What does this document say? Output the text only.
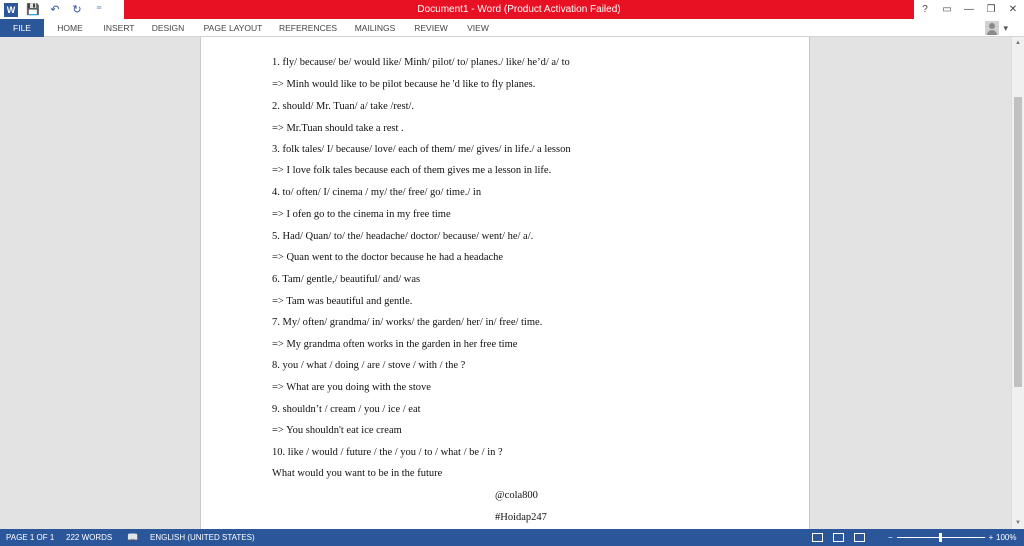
W 💾 ↶	↻	⁼	Document1 - Word (Product Activation Failed)	?	▭	—	❐	✕
FILE	HOME	INSERT	DESIGN	PAGE LAYOUT	REFERENCES	MAILINGS	REVIEW	VIEW	▾
1. fly/ because/ be/ would like/ Minh/ pilot/ to/ planes./ like/ he’d/ a/ to
=> Minh would like to be pilot because he 'd like to fly planes.
2. should/ Mr. Tuan/ a/ take /rest/.
=> Mr.Tuan should take a rest .
3. folk tales/ I/ because/ love/ each of them/ me/ gives/ in life./ a lesson
=> I love folk tales because each of them gives me a lesson in life.
4. to/ often/ I/ cinema / my/ the/ free/ go/ time./ in
=> I ofen go to the cinema in my free time
5. Had/ Quan/ to/ the/ headache/ doctor/ because/ went/ he/ a/.
=> Quan went to the doctor because he had a headache
6. Tam/ gentle,/ beautiful/ and/ was
=> Tam was beautiful and gentle.
7. My/ often/ grandma/ in/ works/ the garden/ her/ in/ free/ time.
=> My grandma often works in the garden in her free time
8. you / what / doing / are / stove / with / the ?
=> What are you doing with the stove
9. shouldn’t / cream / you / ice / eat
=> You shouldn't eat ice cream
10. like / would / future / the / you / to / what / be / in ?
What would you want to be in the future
@cola800
#Hoidap247
▲
▼
PAGE 1 OF 1 222 WORDS 📖 ENGLISH (UNITED STATES)	−	+ 100%
